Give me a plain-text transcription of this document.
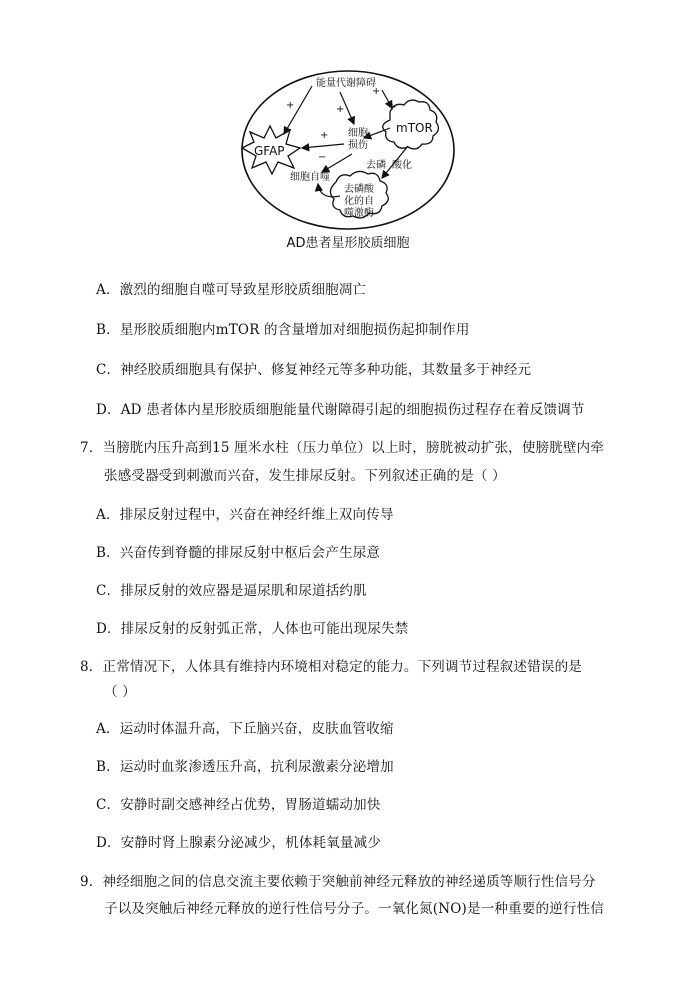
能量代谢障碍
mTOR
GFAP
细胞
损伤
细胞自噬
去磷酸
化的自
噬激酶
去磷 酸化
+
+
+
+
−
+
AD患者星形胶质细胞
A．激烈的细胞自噬可导致星形胶质细胞凋亡
B．星形胶质细胞内mTOR 的含量增加对细胞损伤起抑制作用
C．神经胶质细胞具有保护、修复神经元等多种功能，其数量多于神经元
D．AD 患者体内星形胶质细胞能量代谢障碍引起的细胞损伤过程存在着反馈调节
7．当膀胱内压升高到15 厘米水柱（压力单位）以上时，膀胱被动扩张，使膀胱壁内牵
张感受器受到刺激而兴奋，发生排尿反射。下列叙述正确的是（ ）
A．排尿反射过程中，兴奋在神经纤维上双向传导
B．兴奋传到脊髓的排尿反射中枢后会产生尿意
C．排尿反射的效应器是逼尿肌和尿道括约肌
D．排尿反射的反射弧正常，人体也可能出现尿失禁
8．正常情况下，人体具有维持内环境相对稳定的能力。下列调节过程叙述错误的是
（ ）
A．运动时体温升高，下丘脑兴奋，皮肤血管收缩
B．运动时血浆渗透压升高，抗利尿激素分泌增加
C．安静时副交感神经占优势，胃肠道蠕动加快
D．安静时肾上腺素分泌减少，机体耗氧量减少
9．神经细胞之间的信息交流主要依赖于突触前神经元释放的神经递质等顺行性信号分
子以及突触后神经元释放的逆行性信号分子。一氧化氮(NO)是一种重要的逆行性信
